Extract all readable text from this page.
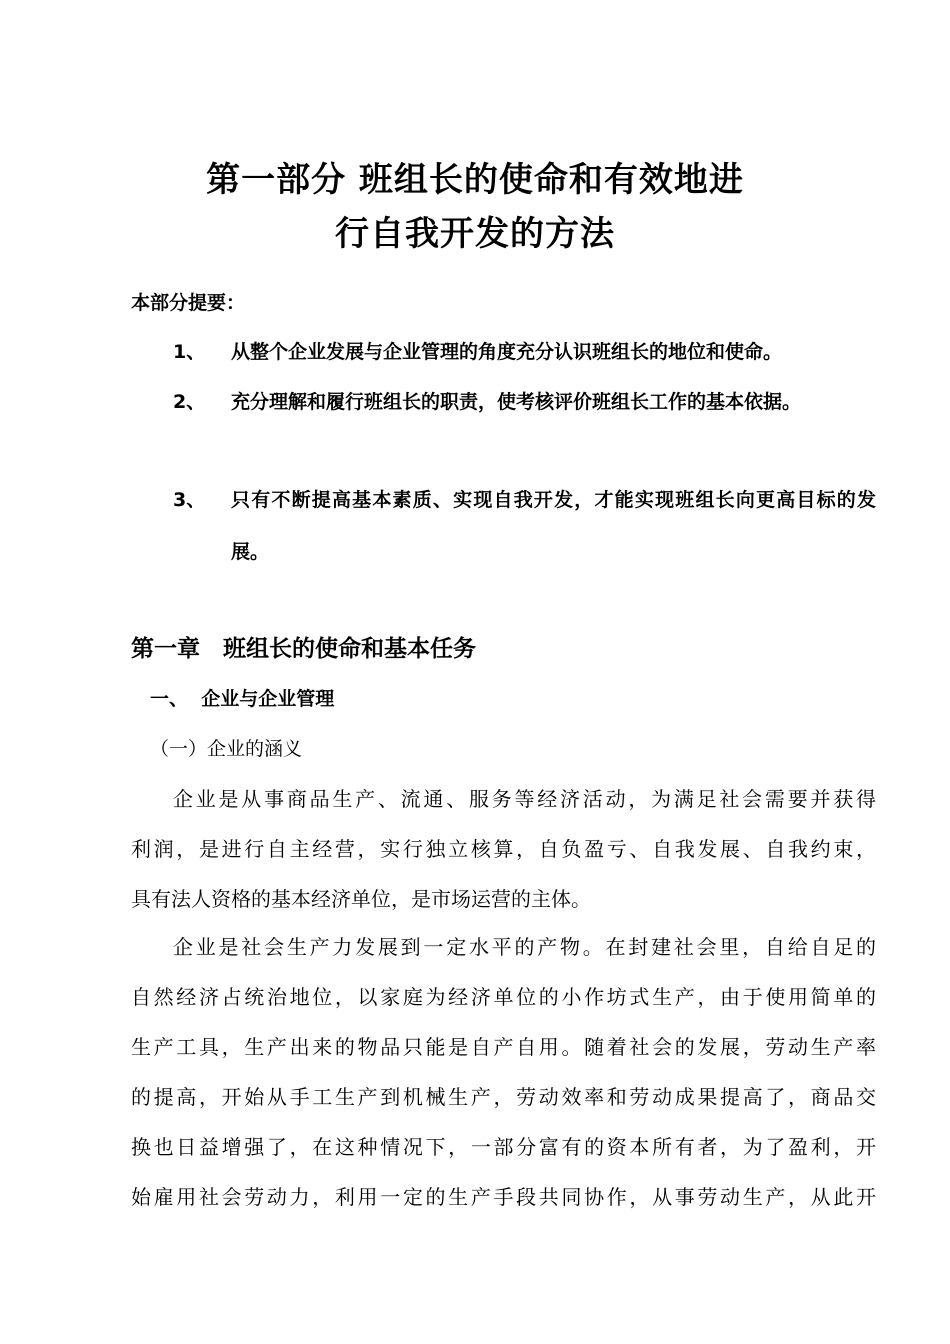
第一部分 班组长的使命和有效地进
行自我开发的方法
本部分提要：
1、 从整个企业发展与企业管理的角度充分认识班组长的地位和使命。
2、 充分理解和履行班组长的职责，使考核评价班组长工作的基本依据。
3、 只有不断提高基本素质、实现自我开发，才能实现班组长向更高目标的发展。
第一章　班组长的使命和基本任务
一、  企业与企业管理
（一）企业的涵义
企业是从事商品生产、流通、服务等经济活动，为满足社会需要并获得
利润，是进行自主经营，实行独立核算，自负盈亏、自我发展、自我约束，
具有法人资格的基本经济单位，是市场运营的主体。
企业是社会生产力发展到一定水平的产物。在封建社会里，自给自足的
自然经济占统治地位，以家庭为经济单位的小作坊式生产，由于使用简单的
生产工具，生产出来的物品只能是自产自用。随着社会的发展，劳动生产率
的提高，开始从手工生产到机械生产，劳动效率和劳动成果提高了，商品交
换也日益增强了，在这种情况下，一部分富有的资本所有者，为了盈利，开
始雇用社会劳动力，利用一定的生产手段共同协作，从事劳动生产，从此开
